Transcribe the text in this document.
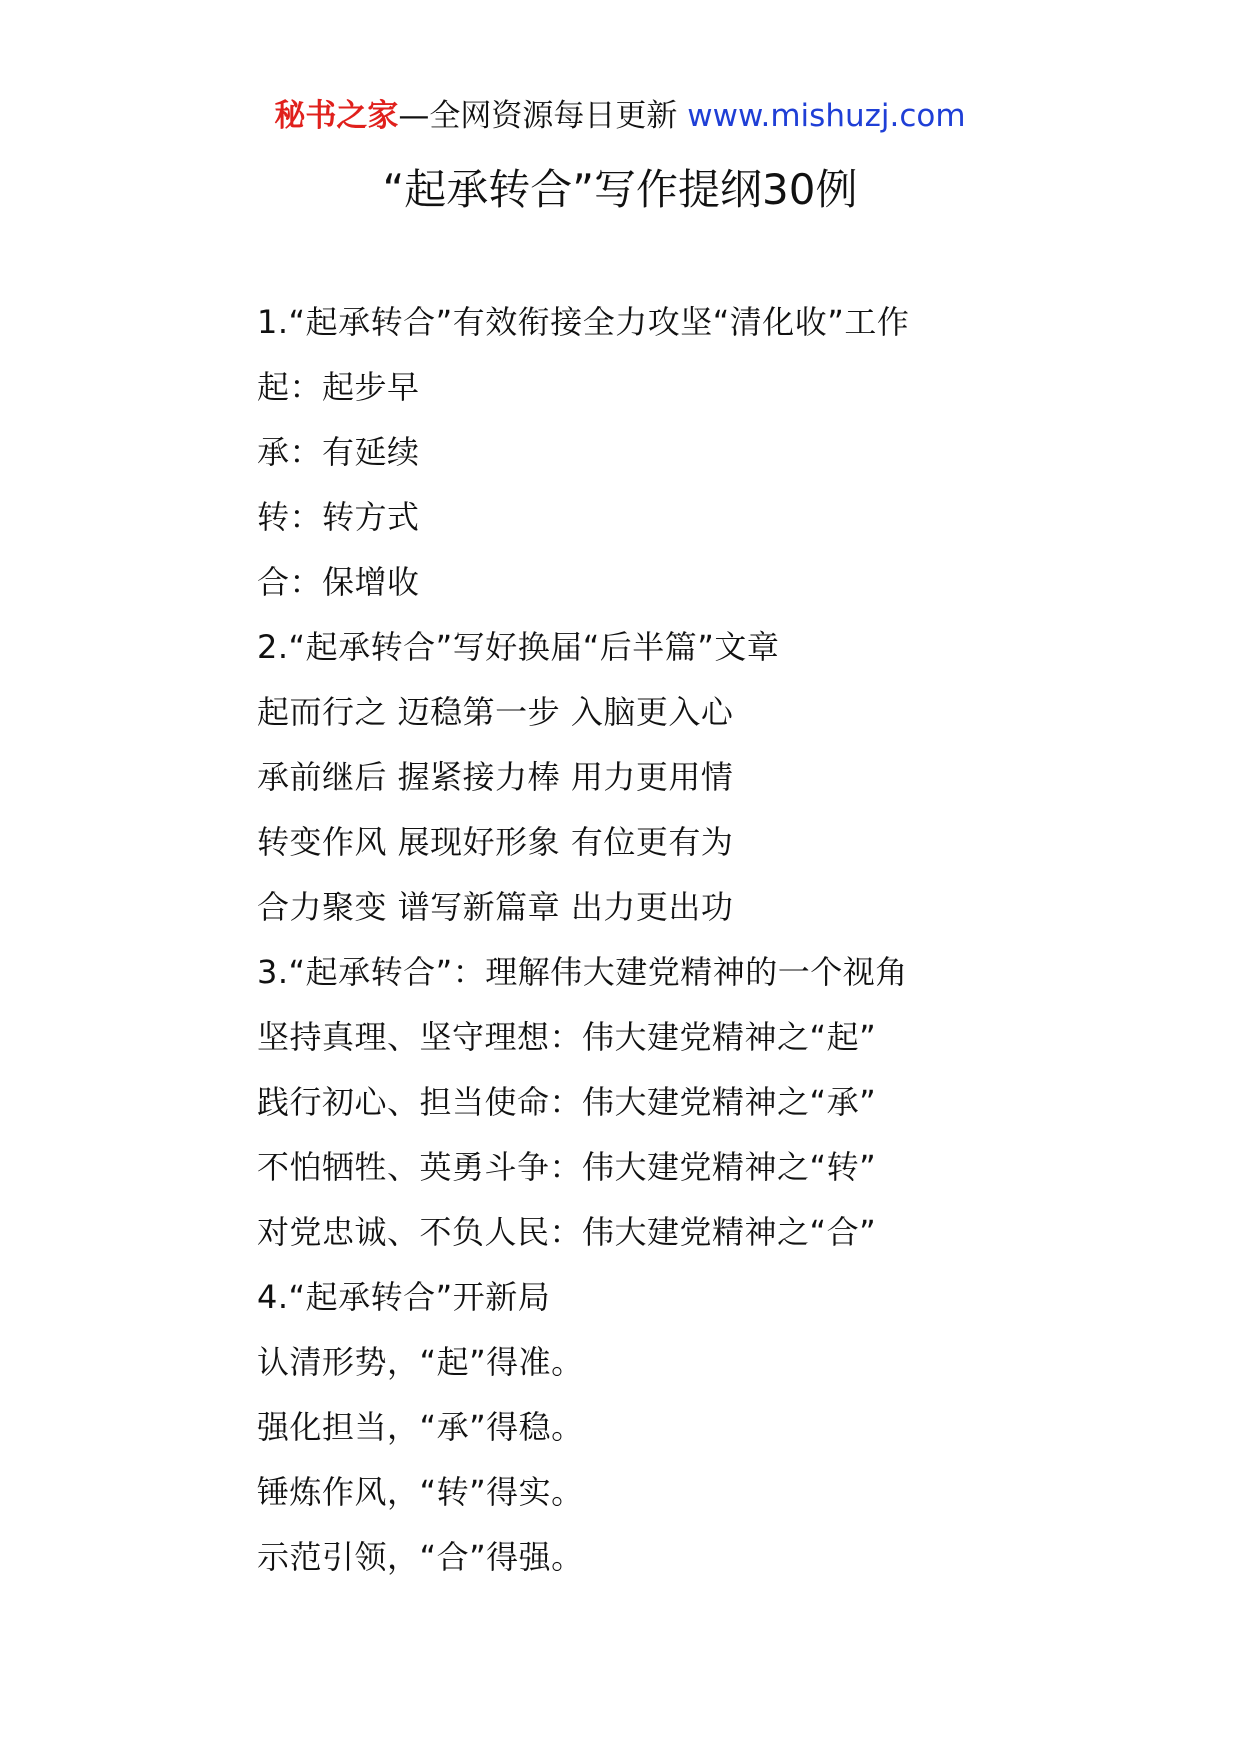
秘书之家—全网资源每日更新 www.mishuzj.com
“起承转合”写作提纲30例
1.“起承转合”有效衔接全力攻坚“清化收”工作
起：起步早
承：有延续
转：转方式
合：保增收
2.“起承转合”写好换届“后半篇”文章
起而行之 迈稳第一步 入脑更入心
承前继后 握紧接力棒 用力更用情
转变作风 展现好形象 有位更有为
合力聚变 谱写新篇章 出力更出功
3.“起承转合”：理解伟大建党精神的一个视角
坚持真理、坚守理想：伟大建党精神之“起”
践行初心、担当使命：伟大建党精神之“承”
不怕牺牲、英勇斗争：伟大建党精神之“转”
对党忠诚、不负人民：伟大建党精神之“合”
4.“起承转合”开新局
认清形势，“起”得准。
强化担当，“承”得稳。
锤炼作风，“转”得实。
示范引领，“合”得强。
